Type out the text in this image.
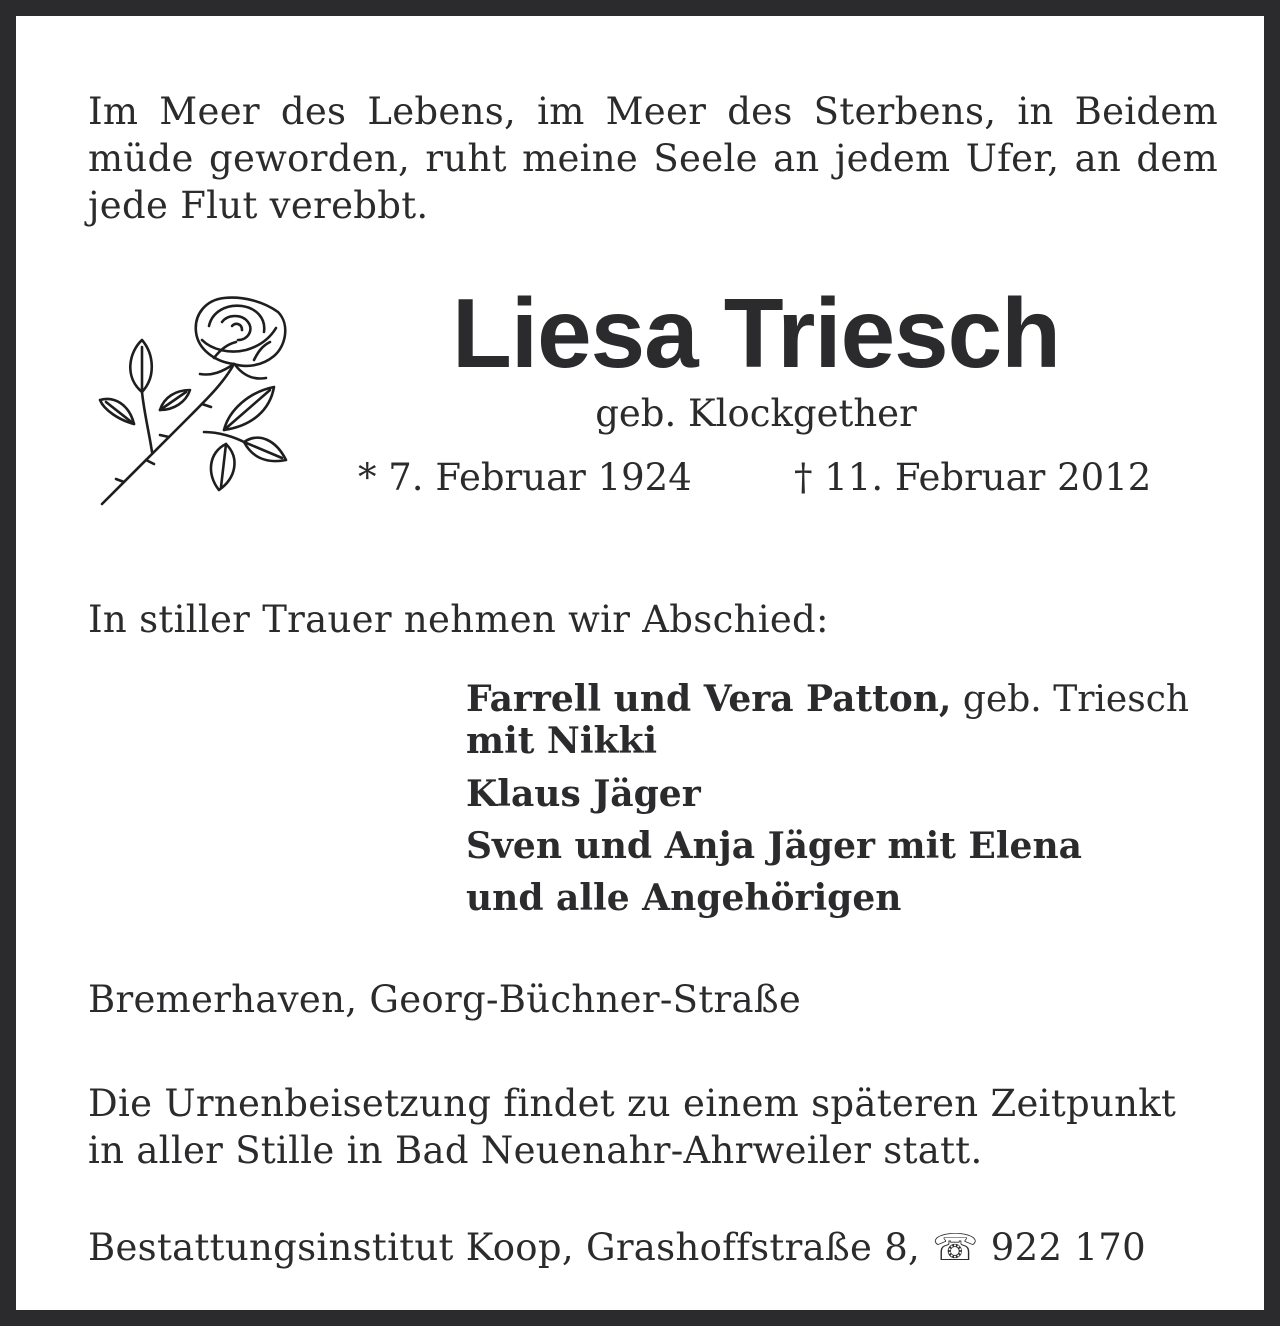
Im Meer des Lebens, im Meer des Sterbens, in Beidem müde geworden, ruht meine Seele an jedem Ufer, an dem jede Flut verebbt.

Liesa Triesch

geb. Klockgether

* 7. Februar 1924	† 11. Februar 2012

In stiller Trauer nehmen wir Abschied:

Farrell und Vera Patton, geb. Triesch

mit Nikki

Klaus Jäger

Sven und Anja Jäger mit Elena

und alle Angehörigen

Bremerhaven, Georg-Büchner-Straße

Die Urnenbeisetzung findet zu einem späteren Zeitpunkt in aller Stille in Bad Neuenahr-Ahrweiler statt.

Bestattungsinstitut Koop, Grashoffstraße 8, ☏ 922 170
